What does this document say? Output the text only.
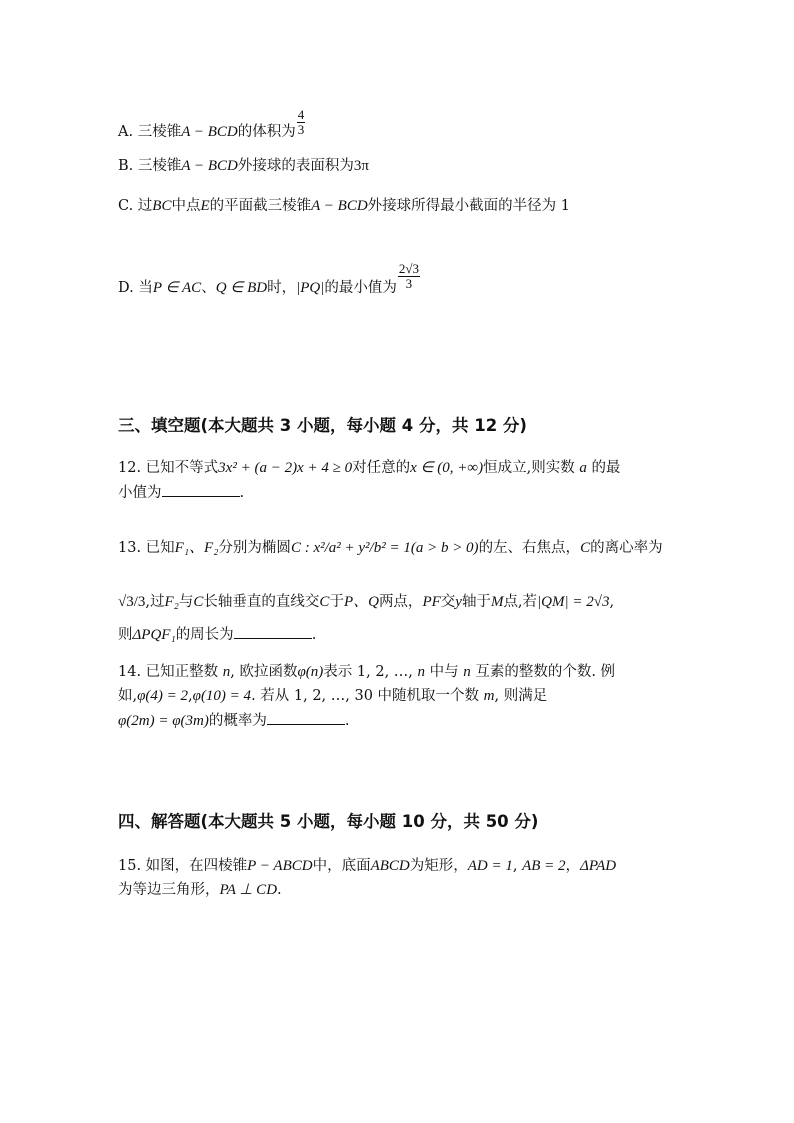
A. 三棱锥A − BCD的体积为 $\frac{4}{3}$
B. 三棱锥A − BCD外接球的表面积为3π
C. 过BC中点E的平面截三棱锥A − BCD外接球所得最小截面的半径为 1
D. 当P ∈ AC、Q ∈ BD时，|PQ|的最小值为 $\frac{2√3}{3}$
三、填空题(本大题共 3 小题，每小题 4 分，共 12 分)
12. 已知不等式3x² + (a − 2)x + 4 ≥ 0对任意的x ∈ (0, +∞)恒成立,则实数 a 的最
小值为	.
13. 已知F₁、F₂分别为椭圆C : x²/a² + y²/b² = 1(a > b > 0)的左、右焦点，C的离心率为
√3/3,过F₂与C长轴垂直的直线交C于P、Q两点，PF交y轴于M点,若|QM| = 2√3,
则ΔPQF₁的周长为	.
14. 已知正整数 n, 欧拉函数φ(n)表示 1, 2, …, n 中与 n 互素的整数的个数. 例
如,φ(4) = 2,φ(10) = 4. 若从 1, 2, …, 30 中随机取一个数 m, 则满足
φ(2m) = φ(3m)的概率为	.
四、解答题(本大题共 5 小题，每小题 10 分，共 50 分)
15. 如图，在四棱锥P − ABCD中，底面ABCD为矩形，AD = 1, AB = 2，ΔPAD
为等边三角形，PA ⊥ CD.
